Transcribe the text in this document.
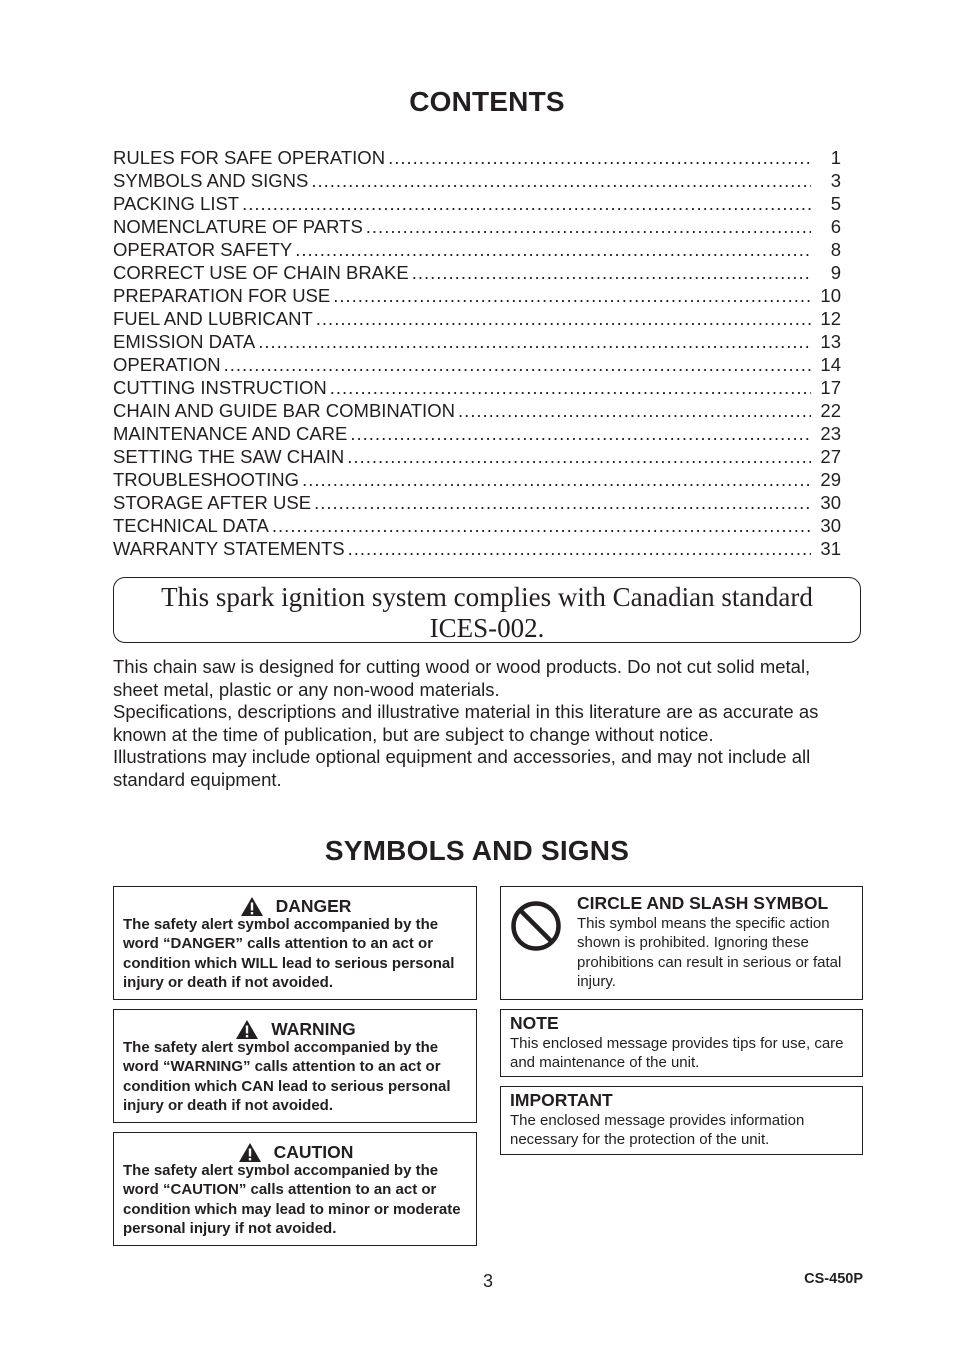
CONTENTS
RULES FOR SAFE OPERATION .....	1
SYMBOLS AND SIGNS .....	3
PACKING LIST .....	5
NOMENCLATURE OF PARTS .....	6
OPERATOR SAFETY .....	8
CORRECT USE OF CHAIN BRAKE .....	9
PREPARATION FOR USE .....	10
FUEL AND LUBRICANT .....	12
EMISSION DATA .....	13
OPERATION .....	14
CUTTING INSTRUCTION .....	17
CHAIN AND GUIDE BAR COMBINATION .....	22
MAINTENANCE AND CARE .....	23
SETTING THE SAW CHAIN .....	27
TROUBLESHOOTING .....	29
STORAGE AFTER USE .....	30
TECHNICAL DATA .....	30
WARRANTY STATEMENTS .....	31
This spark ignition system complies with Canadian standard
ICES-002.

This chain saw is designed for cutting wood or wood products. Do not cut solid metal, sheet metal, plastic or any non-wood materials.

Specifications, descriptions and illustrative material in this literature are as accurate as known at the time of publication, but are subject to change without notice.

Illustrations may include optional equipment and accessories, and may not include all standard equipment.

SYMBOLS AND SIGNS
DANGER
The safety alert symbol accompanied by the word “DANGER” calls attention to an act or condition which WILL lead to serious personal injury or death if not avoided.
WARNING
The safety alert symbol accompanied by the word “WARNING” calls attention to an act or condition which CAN lead to serious personal injury or death if not avoided.
CAUTION
The safety alert symbol accompanied by the word “CAUTION” calls attention to an act or condition which may lead to minor or moderate personal injury if not avoided.
CIRCLE AND SLASH SYMBOL
This symbol means the specific action shown is prohibited. Ignoring these prohibitions can result in serious or fatal injury.
NOTE
This enclosed message provides tips for use, care and maintenance of the unit.
IMPORTANT
The enclosed message provides information necessary for the protection of the unit.
3	CS-450P
